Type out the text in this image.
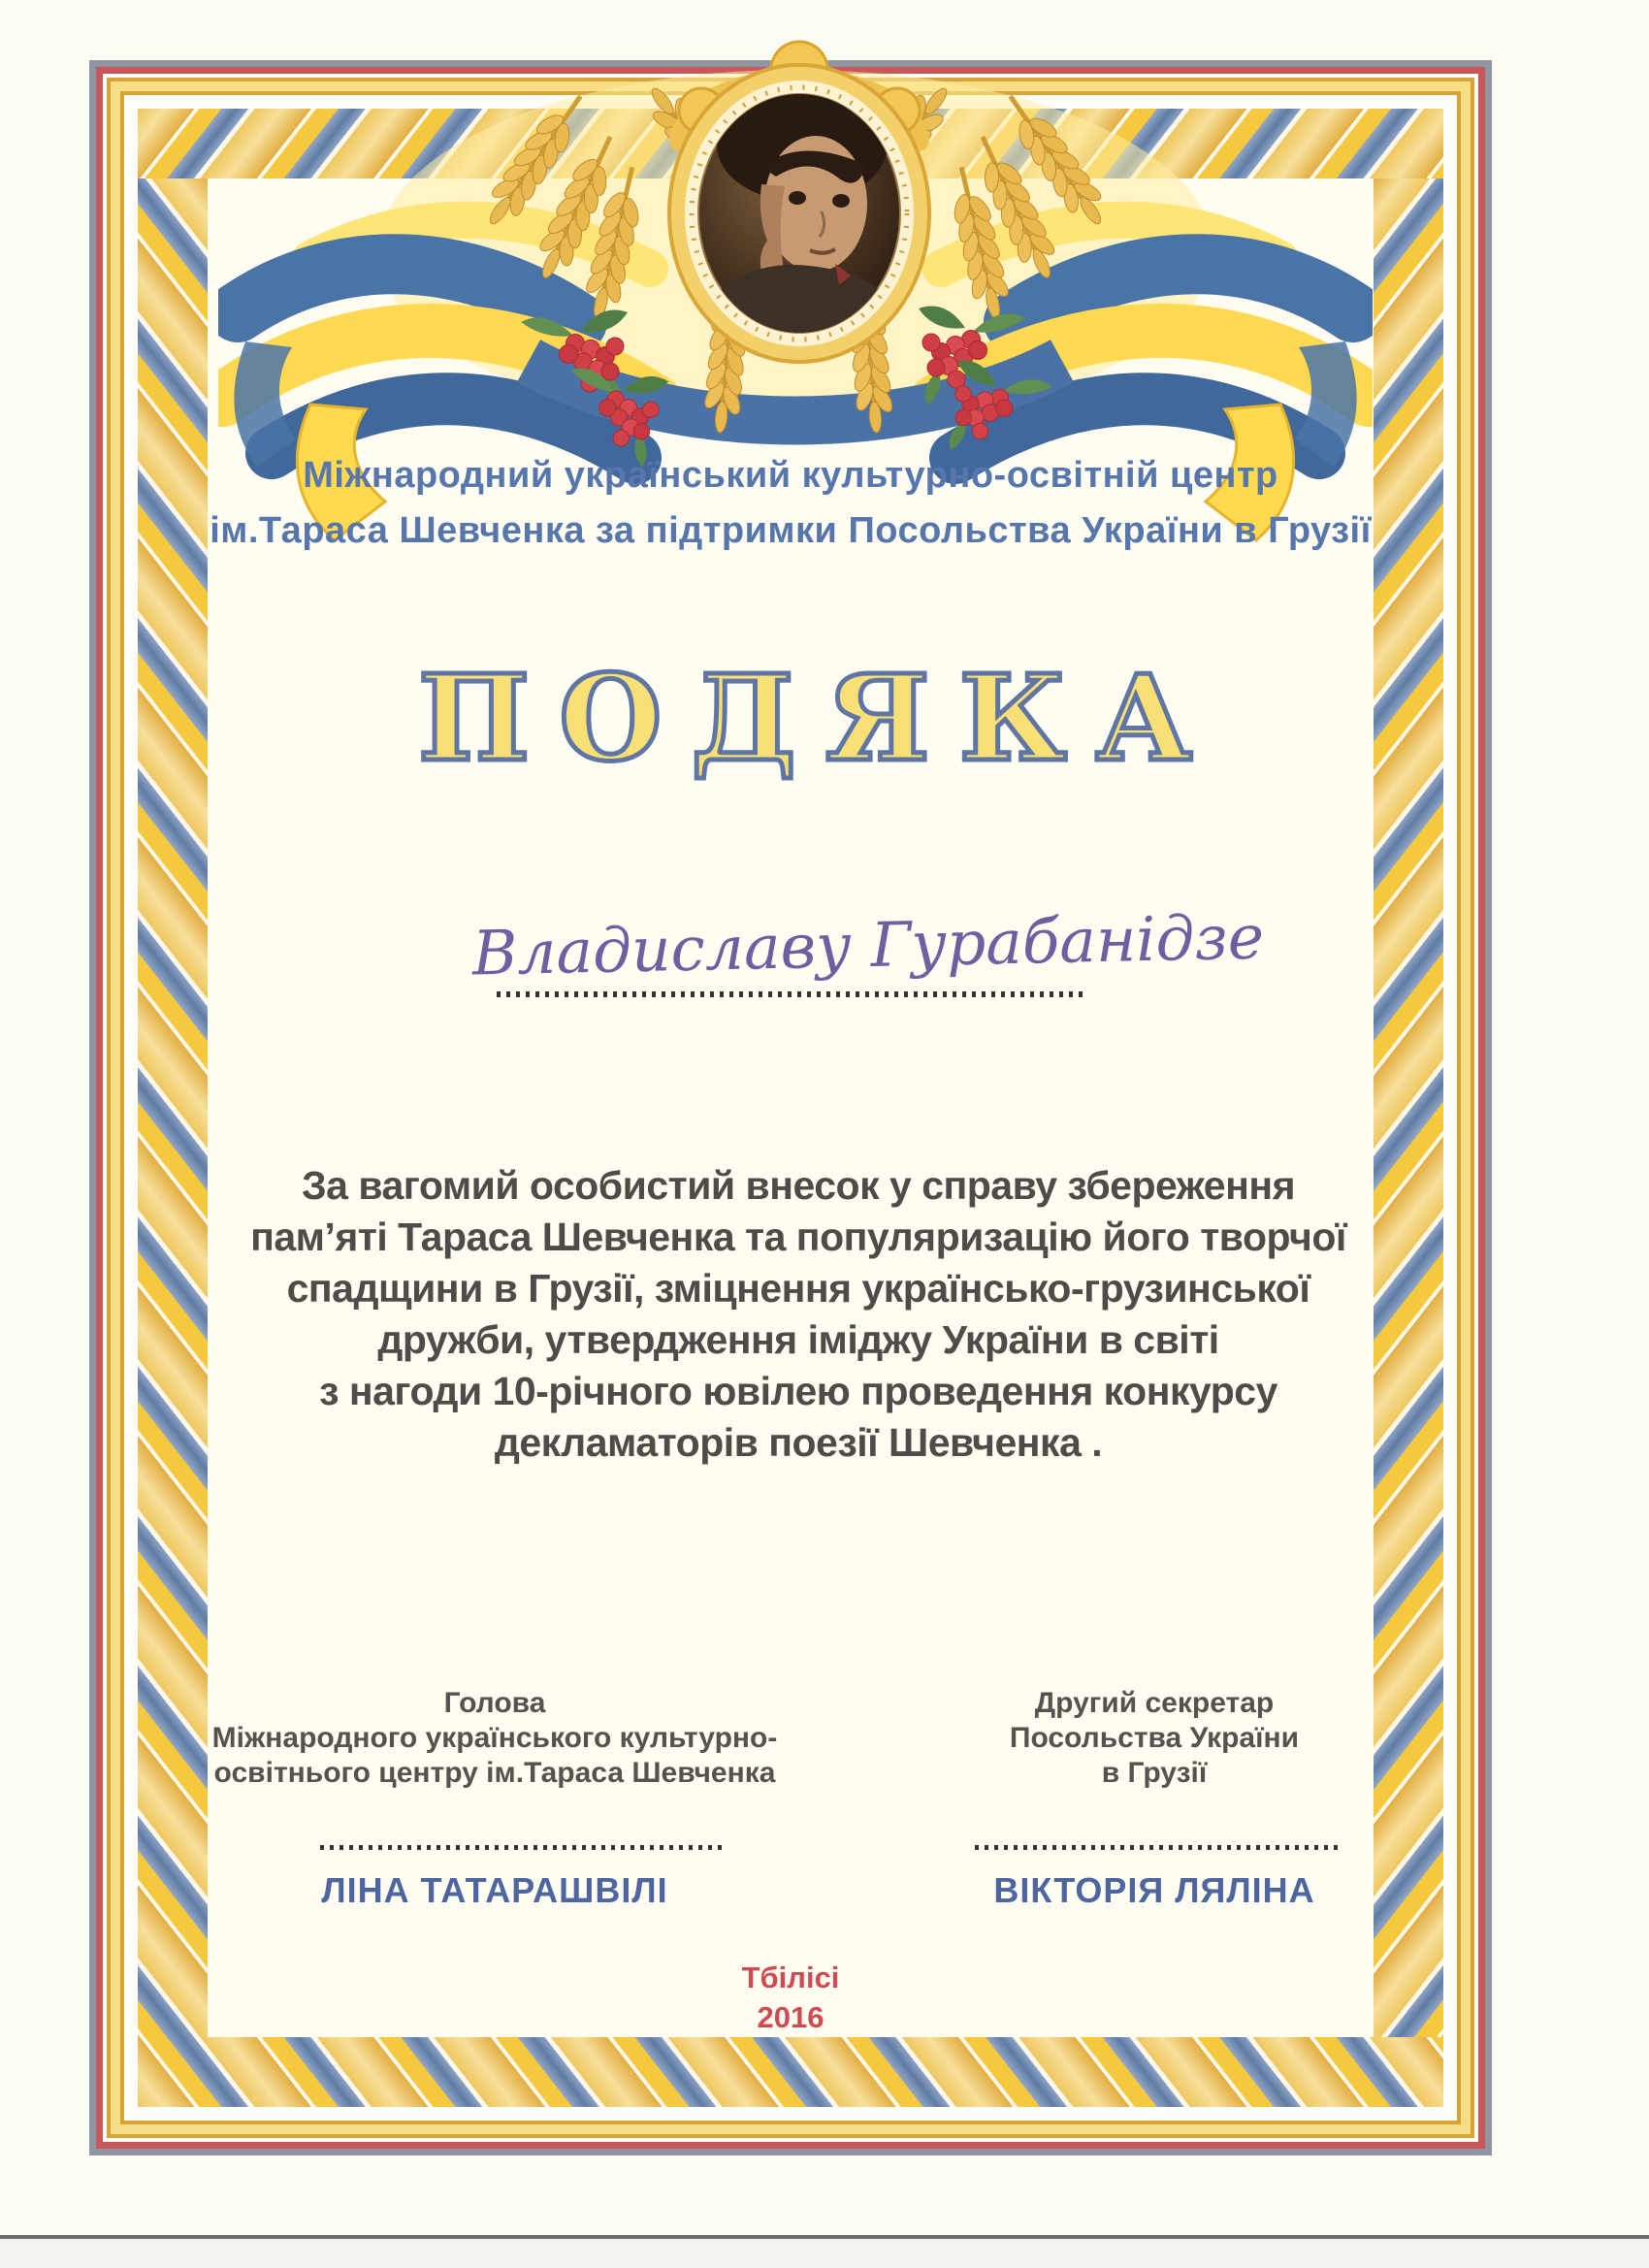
Міжнародний український культурно-освітній центр
ім.Тараса Шевченка за підтримки Посольства України в Грузії
ПОДЯКА
Владиславу Гурабанідзе
За вагомий особистий внесок у справу збереження
пам’яті Тараса Шевченка та популяризацію його творчої
спадщини в Грузії, зміцнення українсько-грузинської
дружби, утвердження іміджу України в світі
з нагоди 10-річного ювілею проведення конкурсу
декламаторів поезії Шевченка .
Голова
Міжнародного українського культурно-
освітнього центру ім.Тараса Шевченка
ЛІНА ТАТАРАШВІЛІ
Другий секретар
Посольства України
в Грузії
ВІКТОРІЯ ЛЯЛІНА
Тбілісі
2016
